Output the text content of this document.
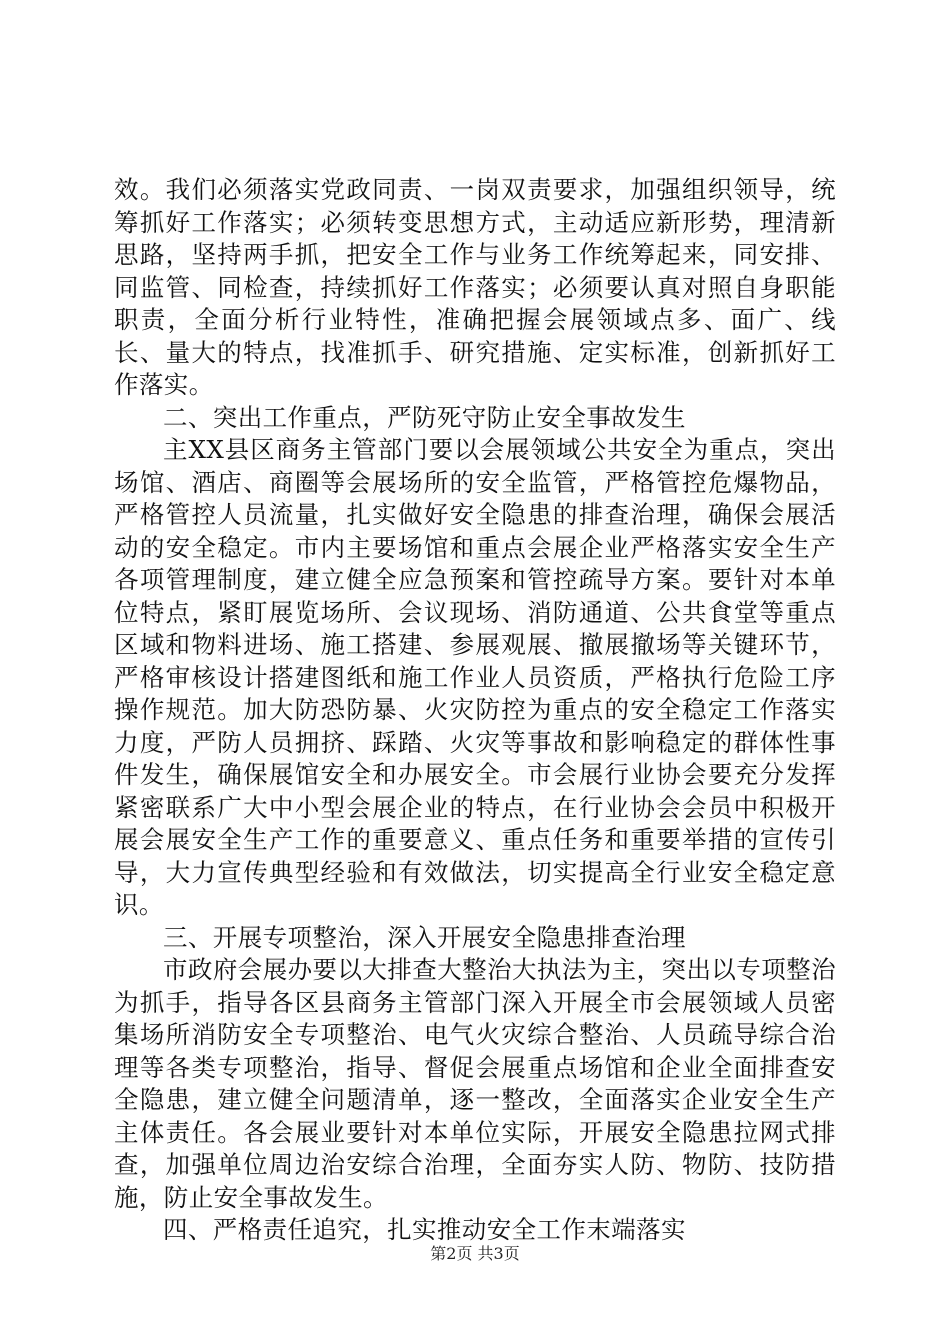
效。我们必须落实党政同责、一岗双责要求，加强组织领导，统筹抓好工作落实；必须转变思想方式，主动适应新形势，理清新思路，坚持两手抓，把安全工作与业务工作统筹起来，同安排、同监管、同检查，持续抓好工作落实；必须要认真对照自身职能职责，全面分析行业特性，准确把握会展领域点多、面广、线长、量大的特点，找准抓手、研究措施、定实标准，创新抓好工作落实。

二、突出工作重点，严防死守防止安全事故发生

主XX县区商务主管部门要以会展领域公共安全为重点，突出场馆、酒店、商圈等会展场所的安全监管，严格管控危爆物品，严格管控人员流量，扎实做好安全隐患的排查治理，确保会展活动的安全稳定。市内主要场馆和重点会展企业严格落实安全生产各项管理制度，建立健全应急预案和管控疏导方案。要针对本单位特点，紧盯展览场所、会议现场、消防通道、公共食堂等重点区域和物料进场、施工搭建、参展观展、撤展撤场等关键环节，严格审核设计搭建图纸和施工作业人员资质，严格执行危险工序操作规范。加大防恐防暴、火灾防控为重点的安全稳定工作落实力度，严防人员拥挤、踩踏、火灾等事故和影响稳定的群体性事件发生，确保展馆安全和办展安全。市会展行业协会要充分发挥紧密联系广大中小型会展企业的特点，在行业协会会员中积极开展会展安全生产工作的重要意义、重点任务和重要举措的宣传引导，大力宣传典型经验和有效做法，切实提高全行业安全稳定意识。

三、开展专项整治，深入开展安全隐患排查治理

市政府会展办要以大排查大整治大执法为主，突出以专项整治为抓手，指导各区县商务主管部门深入开展全市会展领域人员密集场所消防安全专项整治、电气火灾综合整治、人员疏导综合治理等各类专项整治，指导、督促会展重点场馆和企业全面排查安全隐患，建立健全问题清单，逐一整改，全面落实企业安全生产主体责任。各会展业要针对本单位实际，开展安全隐患拉网式排查，加强单位周边治安综合治理，全面夯实人防、物防、技防措施，防止安全事故发生。

四、严格责任追究，扎实推动安全工作末端落实

第2页 共3页
